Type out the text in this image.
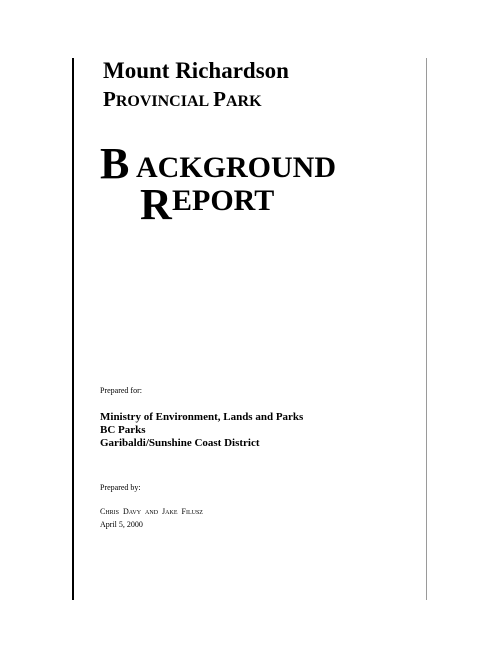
Mount Richardson
PROVINCIAL PARK
B ACKGROUND
R EPORT
Prepared for:
Ministry of Environment, Lands and Parks
BC Parks
Garibaldi/Sunshine Coast District
Prepared by:
CHRIS DAVY AND JAKE FILUSZ
April 5, 2000
